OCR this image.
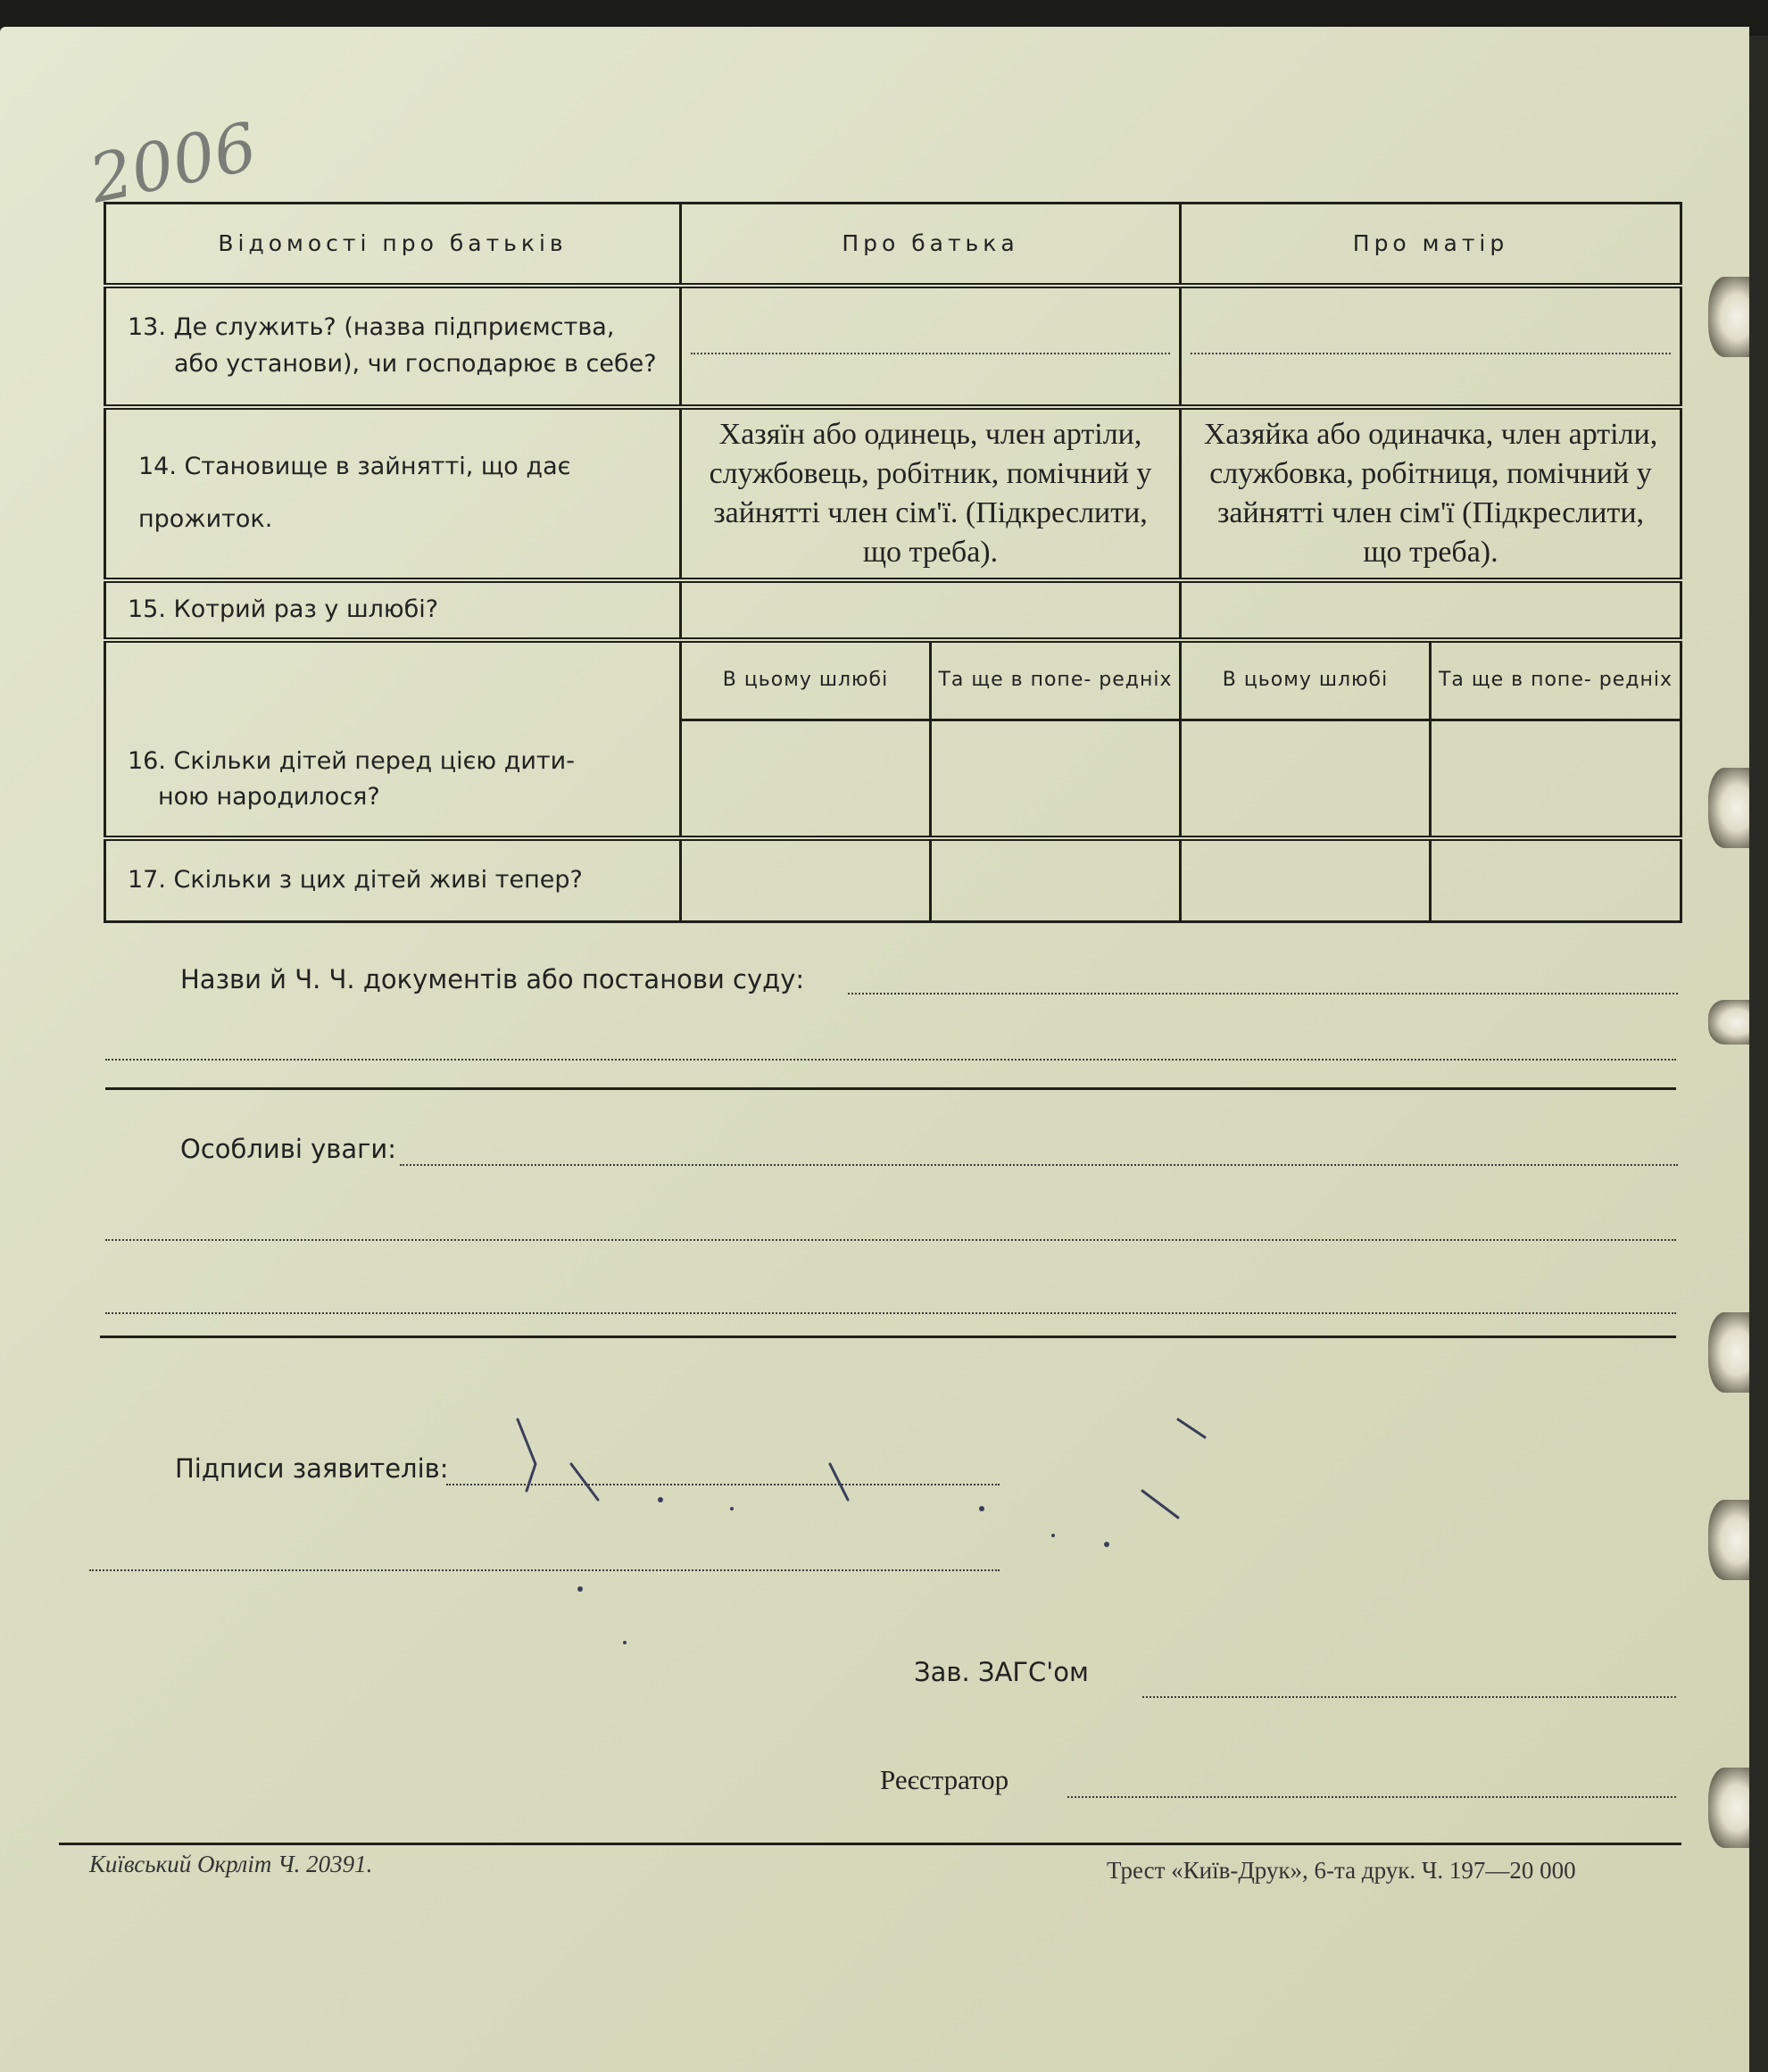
2006
Відомості про батьків	Про батька		Про матір	

13. Де служить? (назва підприємства,
або установи), чи господарює в себе?				

14. Становище в зайнятті, що дає
прожиток.	Хазяїн або одинець, член артіли, службовець, робітник, помічний у зайнятті член сім'ї. (Підкреслити, що треба).		Хазяйка або одиначка, член артіли, службовка, робітниця, помічний у зайнятті член сім'ї (Підкреслити, що треба).	
15. Котрий раз у шлюбі?				

16. Скільки дітей перед цією дити-
ною народилося?	В цьому шлюбі	Та ще в попе- редніх	В цьому шлюбі	Та ще в попе- редніх

17. Скільки з цих дітей живі тепер?				
Назви й Ч. Ч. документів або постанови суду:
Особливі уваги:
Підписи заявителів:
Зав. ЗАГС'ом
Реєстратор
Київський Окрліт Ч. 20391.	Трест «Київ-Друк», 6-та друк. Ч. 197—20 000
